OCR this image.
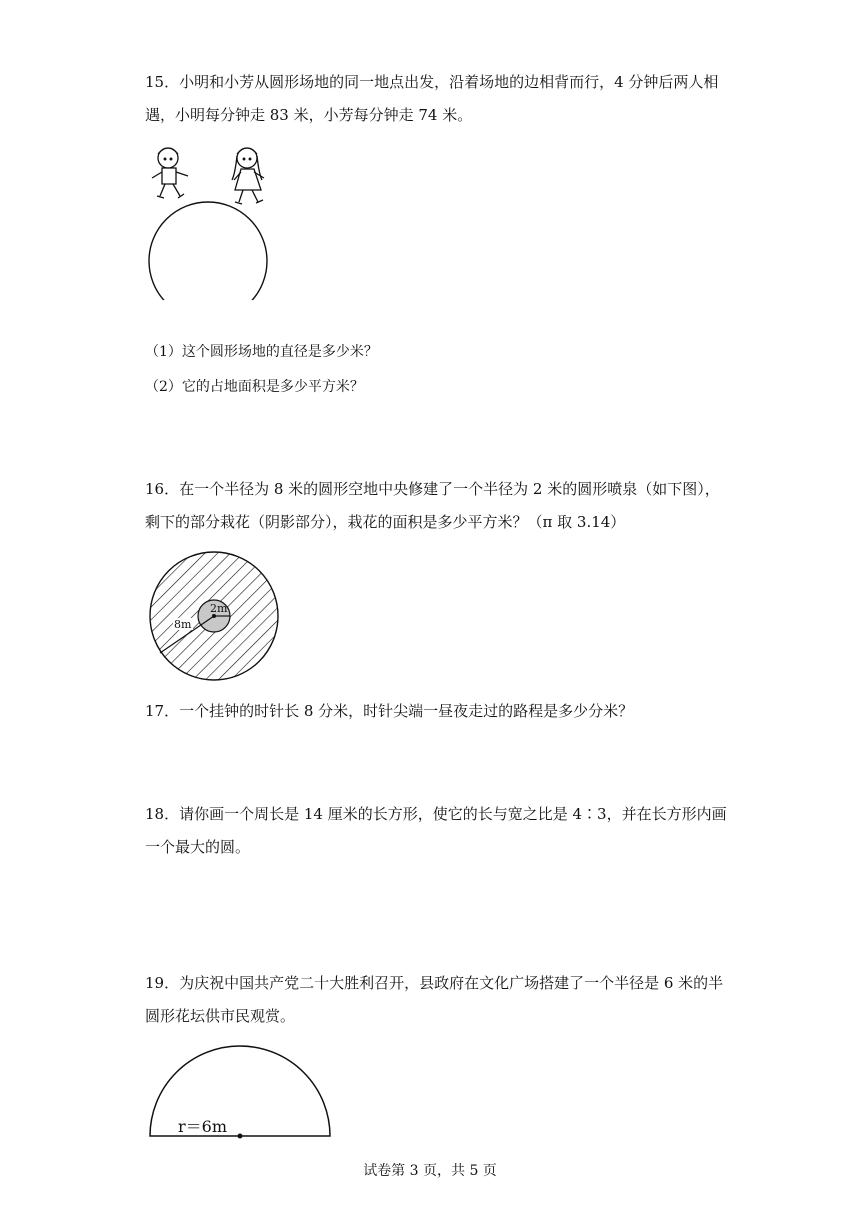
15．小明和小芳从圆形场地的同一地点出发，沿着场地的边相背而行，4 分钟后两人相遇，小明每分钟走 83 米，小芳每分钟走 74 米。

（1）这个圆形场地的直径是多少米？

（2）它的占地面积是多少平方米？

16．在一个半径为 8 米的圆形空地中央修建了一个半径为 2 米的圆形喷泉（如下图），剩下的部分栽花（阴影部分），栽花的面积是多少平方米？（π 取 3.14）

8m
2m

17．一个挂钟的时针长 8 分米，时针尖端一昼夜走过的路程是多少分米？

18．请你画一个周长是 14 厘米的长方形，使它的长与宽之比是 4∶3，并在长方形内画一个最大的圆。

19．为庆祝中国共产党二十大胜利召开，县政府在文化广场搭建了一个半径是 6 米的半圆形花坛供市民观赏。

r＝6m
试卷第 3 页，共 5 页
